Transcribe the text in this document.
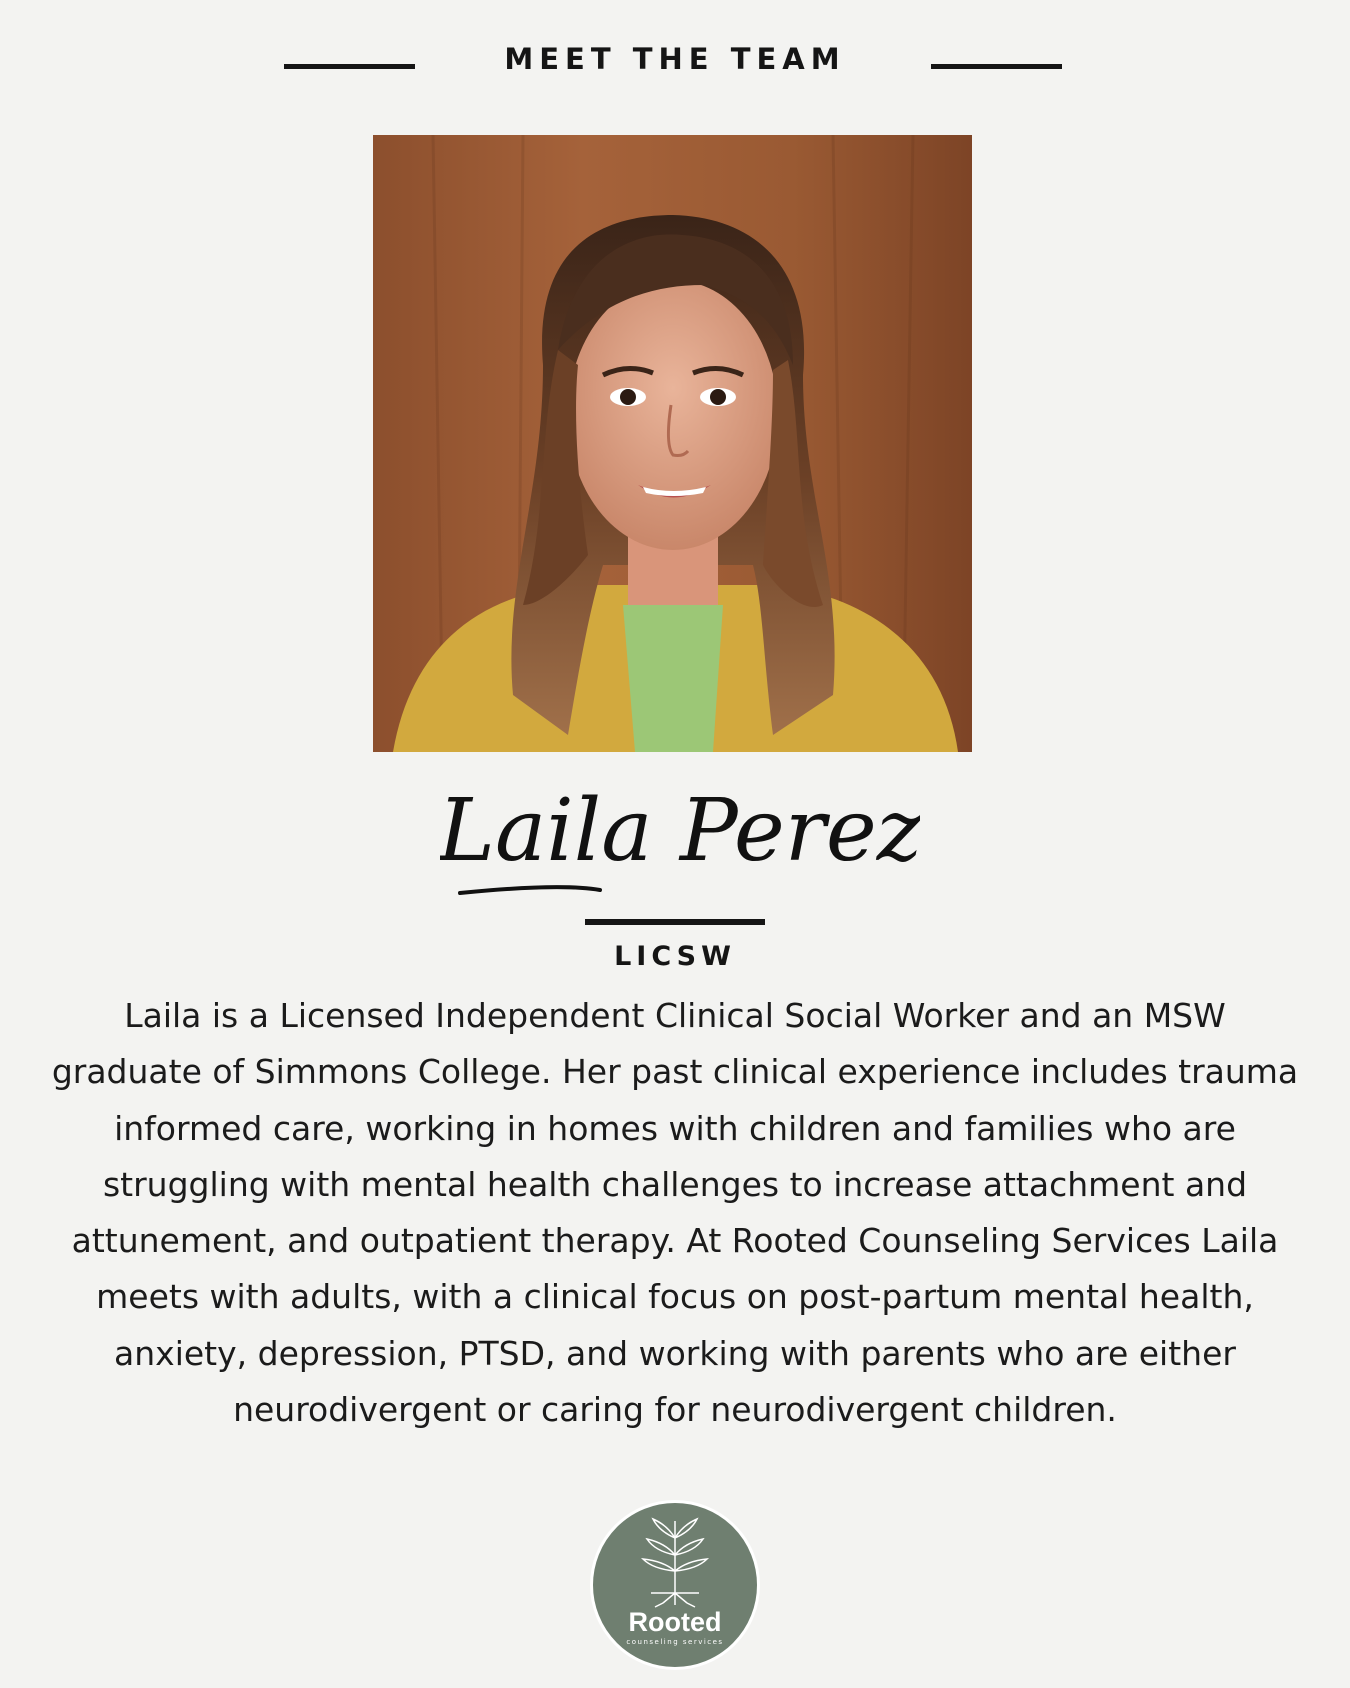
MEET THE TEAM
Laila Perez
LICSW

Laila is a Licensed Independent Clinical Social Worker and an MSW graduate of Simmons College. Her past clinical experience includes trauma informed care, working in homes with children and families who are struggling with mental health challenges to increase attachment and attunement, and outpatient therapy. At Rooted Counseling Services Laila meets with adults, with a clinical focus on post-partum mental health, anxiety, depression, PTSD, and working with parents who are either neurodivergent or caring for neurodivergent children.

Rooted
counseling services
